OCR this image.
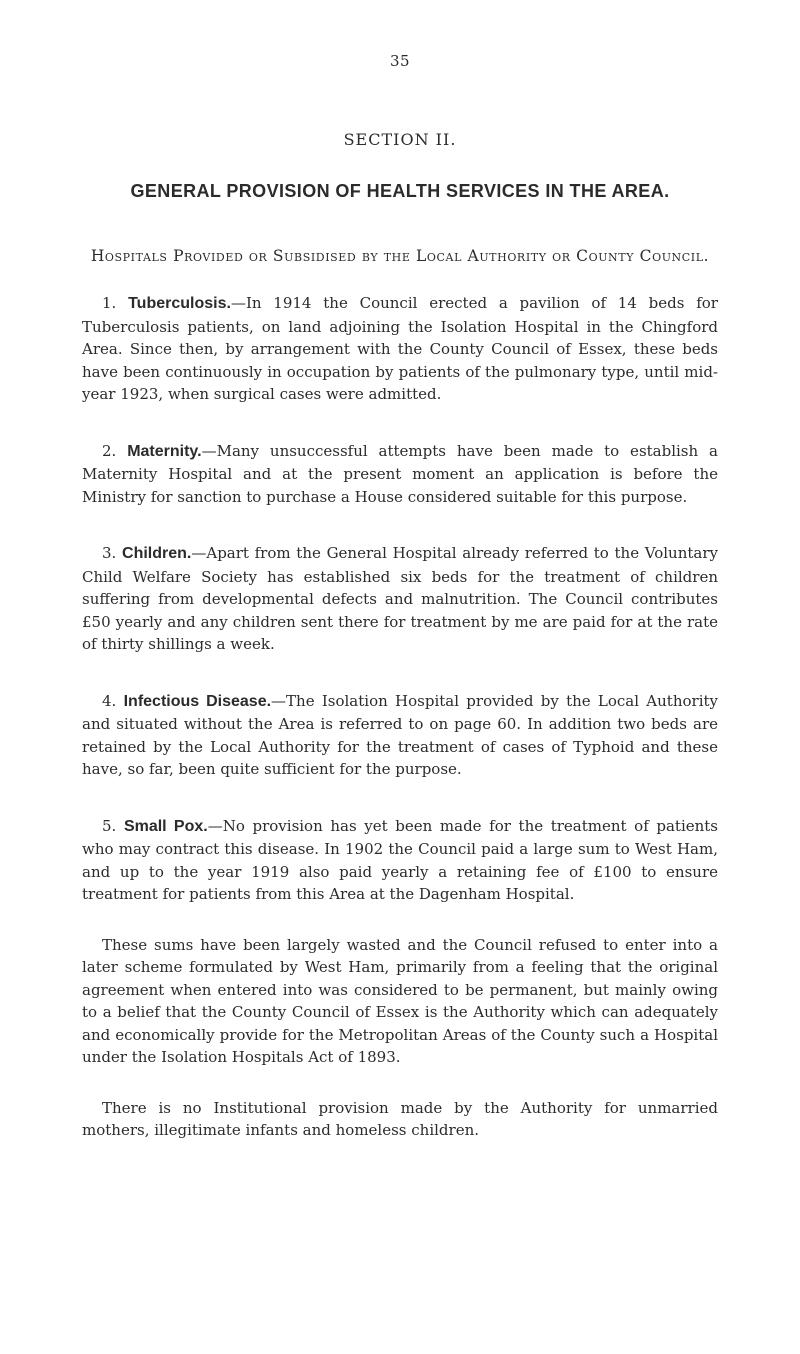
35
SECTION II.
GENERAL PROVISION OF HEALTH SERVICES IN THE AREA.
Hospitals Provided or Subsidised by the Local Authority or County Council.

1. Tuberculosis.—In 1914 the Council erected a pavilion of 14 beds for Tuberculosis patients, on land adjoining the Isolation Hospital in the Chingford Area. Since then, by arrangement with the County Council of Essex, these beds have been continuously in occupation by patients of the pulmonary type, until mid-year 1923, when surgical cases were admitted.

2. Maternity.—Many unsuccessful attempts have been made to establish a Maternity Hospital and at the present moment an application is before the Ministry for sanction to purchase a House considered suitable for this purpose.

3. Children.—Apart from the General Hospital already referred to the Voluntary Child Welfare Society has established six beds for the treatment of children suffering from developmental defects and malnutrition. The Council contributes £50 yearly and any children sent there for treatment by me are paid for at the rate of thirty shillings a week.

4. Infectious Disease.—The Isolation Hospital provided by the Local Authority and situated without the Area is referred to on page 60. In addition two beds are retained by the Local Authority for the treatment of cases of Typhoid and these have, so far, been quite sufficient for the purpose.

5. Small Pox.—No provision has yet been made for the treatment of patients who may contract this disease. In 1902 the Council paid a large sum to West Ham, and up to the year 1919 also paid yearly a retaining fee of £100 to ensure treatment for patients from this Area at the Dagenham Hospital.

These sums have been largely wasted and the Council refused to enter into a later scheme formulated by West Ham, primarily from a feeling that the original agreement when entered into was considered to be permanent, but mainly owing to a belief that the County Council of Essex is the Authority which can adequately and economically provide for the Metropolitan Areas of the County such a Hospital under the Isolation Hospitals Act of 1893.

There is no Institutional provision made by the Authority for unmarried mothers, illegitimate infants and homeless children.
